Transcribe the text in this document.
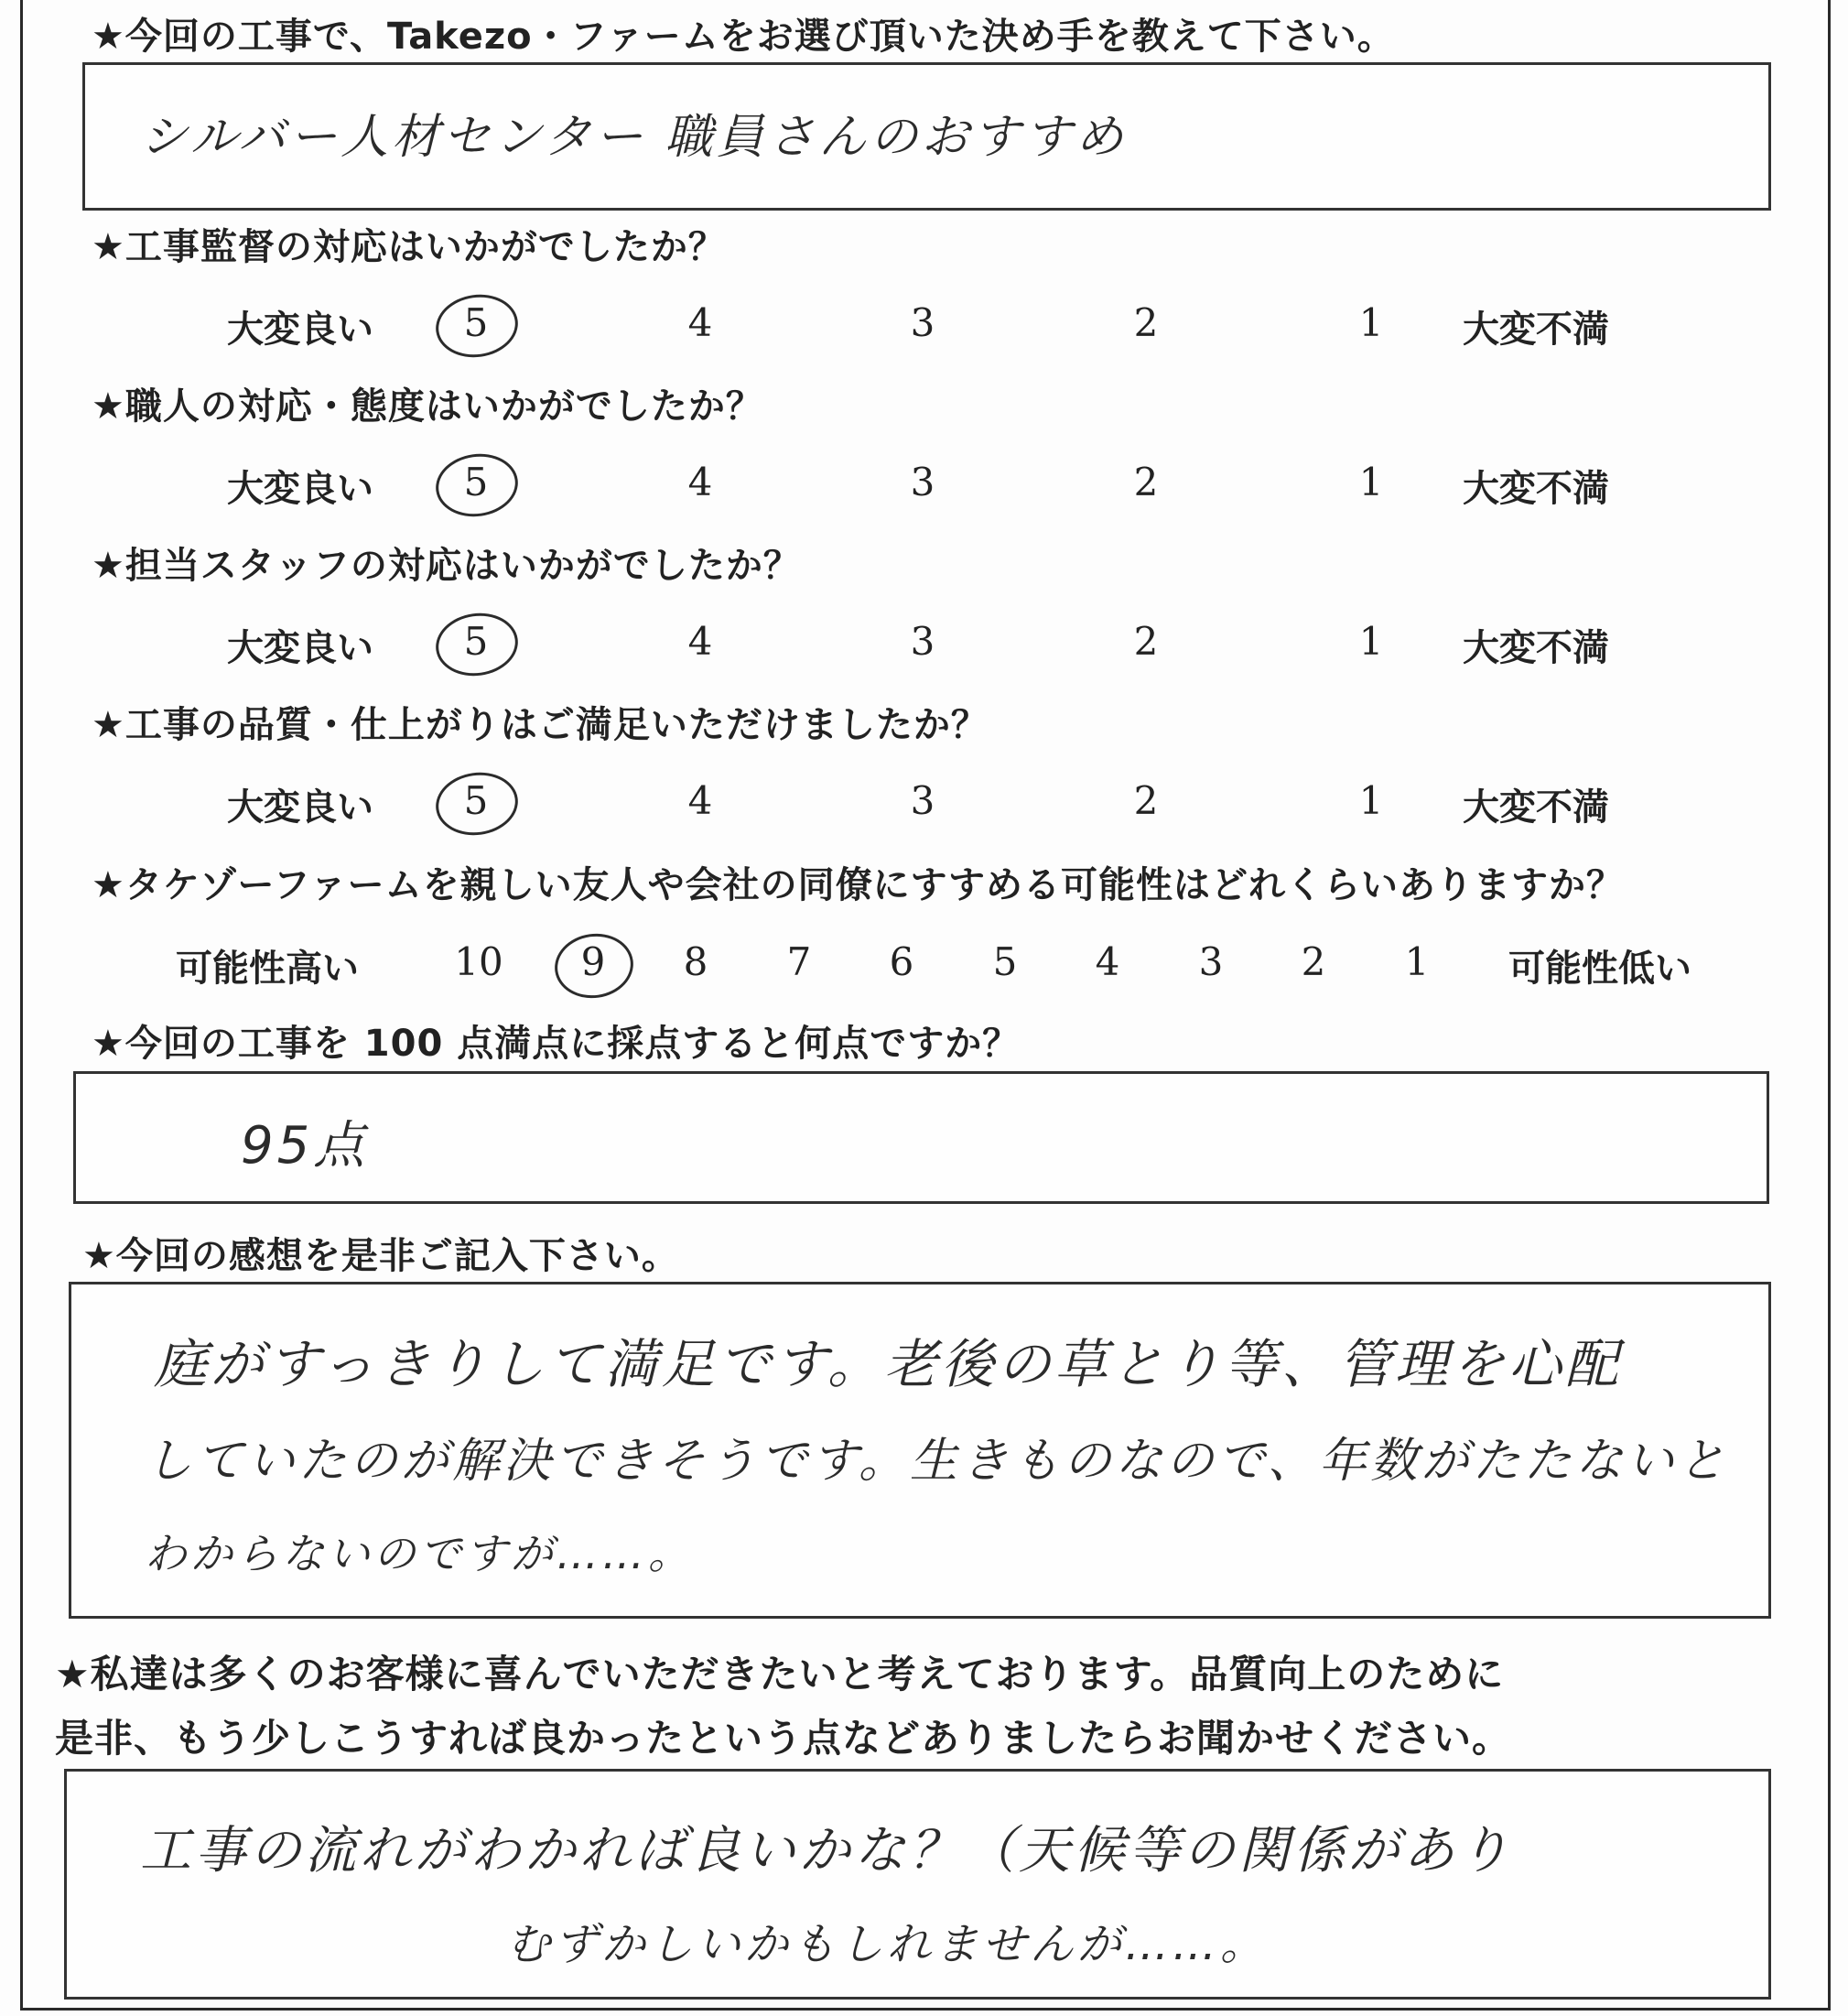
★今回の工事で、Takezo・ファームをお選び頂いた決め手を教えて下さい。
シルバー人材センター 職員さんのおすすめ
★工事監督の対応はいかがでしたか？
大変良い	5	4	3	2	1	大変不満
★職人の対応・態度はいかがでしたか？
大変良い	5	4	3	2	1	大変不満
★担当スタッフの対応はいかがでしたか？
大変良い	5	4	3	2	1	大変不満
★工事の品質・仕上がりはご満足いただけましたか？
大変良い	5	4	3	2	1	大変不満
★タケゾーファームを親しい友人や会社の同僚にすすめる可能性はどれくらいありますか？
可能性高い 10	9	8	7	6	5	4	3	2	1	可能性低い
★今回の工事を 100 点満点に採点すると何点ですか？
95点
★今回の感想を是非ご記入下さい。
庭がすっきりして満足です。老後の草とり等、管理を心配
していたのが解決できそうです。生きものなので、年数がたたないと
わからないのですが……。
★私達は多くのお客様に喜んでいただきたいと考えております。品質向上のために
是非、もう少しこうすれば良かったという点などありましたらお聞かせください。
工事の流れがわかれば良いかな？（天候等の関係があり
むずかしいかもしれませんが……。
